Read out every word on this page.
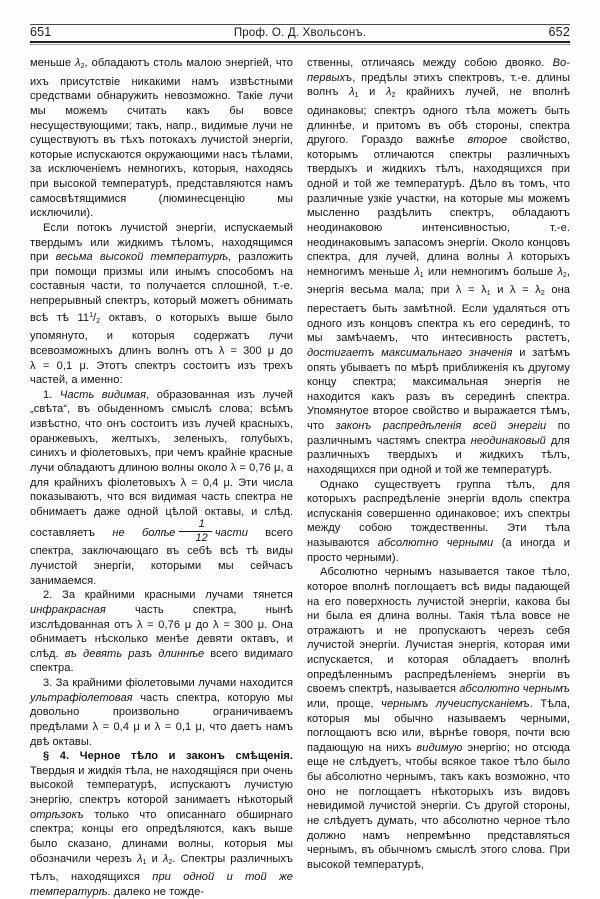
651	Проф. О. Д. Хвольсонъ.	652

меньше $\lambda_2$, обладаютъ столь малою энергіей, что ихъ присутствіе никакими намъ извѣстными средствами обнаружить невозможно. Такіе лучи мы можемъ считать какъ бы вовсе несуществующими; такъ, напр., видимые лучи не существуютъ въ тѣхъ потокахъ лучистой энергіи, которые испускаются окружающими насъ тѣлами, за исключеніемъ немногихъ, которыя, находясь при высокой температурѣ, представляются намъ самосвѣтящимися (люминесценцію мы исключили).

Если потокъ лучистой энергіи, испускаемый твердымъ или жидкимъ тѣломъ, находящимся при весьма высокой температурѣ, разложить при помощи призмы или инымъ способомъ на составныя части, то получается сплошной, т.-е. непрерывный спектръ, который можетъ обнимать всѣ тѣ $11^1/_2$ октавъ, о которыхъ выше было упомянуто, и которыя содержатъ лучи всевозможныхъ длинъ волнъ отъ λ = 300 μ до λ = 0,1 μ. Этотъ спектръ состоитъ изъ трехъ частей, а именно:

1. Часть видимая, образованная изъ лучей „свѣта“, въ обыденномъ смыслѣ слова; всѣмъ извѣстно, что онъ состоитъ изъ лучей красныхъ, оранжевыхъ, желтыхъ, зеленыхъ, голубыхъ, синихъ и фіолетовыхъ, при чемъ крайніе красные лучи обладаютъ длиною волны около λ = 0,76 μ, а для крайнихъ фіолетовыхъ λ = 0,4 μ. Эти числа показываютъ, что вся видимая часть спектра не обнимаетъ даже одной цѣлой октавы, и слѣд. составляетъ не болѣе $\frac{1}{12}$ части всего спектра, заключающаго въ себѣ всѣ тѣ виды лучистой энергіи, которыми мы сейчасъ занимаемся.

2. За крайними красными лучами тянется инфракрасная часть спектра, нынѣ изслѣдованная отъ λ = 0,76 μ до λ = 300 μ. Она обнимаетъ нѣсколько менѣе девяти октавъ, и слѣд. въ девять разъ длиннѣе всего видимаго спектра.

3. За крайними фіолетовыми лучами находится ультрафіолетовая часть спектра, которую мы довольно произвольно ограничиваемъ предѣлами λ = 0,4 μ и λ = 0,1 μ, что даетъ намъ двѣ октавы.

§ 4. Черное тѣло и законъ смѣщенія. Твердыя и жидкія тѣла, не находящіяся при очень высокой температурѣ, испускаютъ лучистую энергію, спектръ которой занимаетъ нѣкоторый отрѣзокъ только что описаннаго обширнаго спектра; концы его опредѣляются, какъ выше было сказано, длинами волны, которыя мы обозначили черезъ $\lambda_1$ и $\lambda_2$. Спектры различныхъ тѣлъ, находящихся при одной и той же температурѣ. далеко не тожде-

ственны, отличаясь между собою двояко. Во-первыхъ, предѣлы этихъ спектровъ, т.-е. длины волнъ $\lambda_1$ и $\lambda_2$ крайнихъ лучей, не вполнѣ одинаковы; спектръ одного тѣла можетъ быть длиннѣе, и притомъ въ обѣ стороны, спектра другого. Гораздо важнѣе второе свойство, которымъ отличаются спектры различныхъ твердыхъ и жидкихъ тѣлъ, находящихся при одной и той же температурѣ. Дѣло въ томъ, что различные узкіе участки, на которые мы можемъ мысленно раздѣлить спектръ, обладаютъ неодинаковою интенсивностью, т.-е. неодинаковымъ запасомъ энергіи. Около концовъ спектра, для лучей, длина волны λ которыхъ немногимъ меньше $\lambda_1$ или немногимъ больше $\lambda_2$, энергія весьма мала; при $\lambda = \lambda_1$ и $\lambda = \lambda_2$ она перестаетъ быть замѣтной. Если удаляться отъ одного изъ концовъ спектра къ его серединѣ, то мы замѣчаемъ, что интесивность растетъ, достигаетъ максимальнаго значенія и затѣмъ опять убываетъ по мѣрѣ приближенія къ другому концу спектра; максимальная энергія не находится какъ разъ въ серединѣ спектра. Упомянутое второе свойство и выражается тѣмъ, что законъ распредѣленія всей энергіи по различнымъ частямъ спектра неодинаковый для различныхъ твердыхъ и жидкихъ тѣлъ, находящихся при одной и той же температурѣ.

Однако существуетъ группа тѣлъ, для которыхъ распредѣленіе энергіи вдоль спектра испусканія совершенно одинаковое; ихъ спектры между собою тождественны. Эти тѣла называются абсолютно черными (а иногда и просто черными).

Абсолютно чернымъ называется такое тѣло, которое вполнѣ поглощаетъ всѣ виды падающей на его поверхность лучистой энергіи, какова бы ни была ея длина волны. Такія тѣла вовсе не отражаютъ и не пропускаютъ черезъ себя лучистой энергіи. Лучистая энергія, которая ими испускается, и которая обладаетъ вполнѣ опредѣленнымъ распредѣленіемъ энергіи въ своемъ спектрѣ, называется абсолютно чернымъ или, проще, чернымъ лучеиспусканіемъ. Тѣла, которыя мы обычно называемъ черными, поглощаютъ всю или, вѣрнѣе говоря, почти всю падающую на нихъ видимую энергію; но отсюда еще не слѣдуетъ, чтобы всякое такое тѣло было бы абсолютно чернымъ, такъ какъ возможно, что оно не поглощаетъ нѣкоторыхъ изъ видовъ невидимой лучистой энергіи. Съ другой стороны, не слѣдуетъ думать, что абсолютно черное тѣло должно намъ непремѣнно представляться чернымъ, въ обычномъ смыслѣ этого слова. При высокой температурѣ,
